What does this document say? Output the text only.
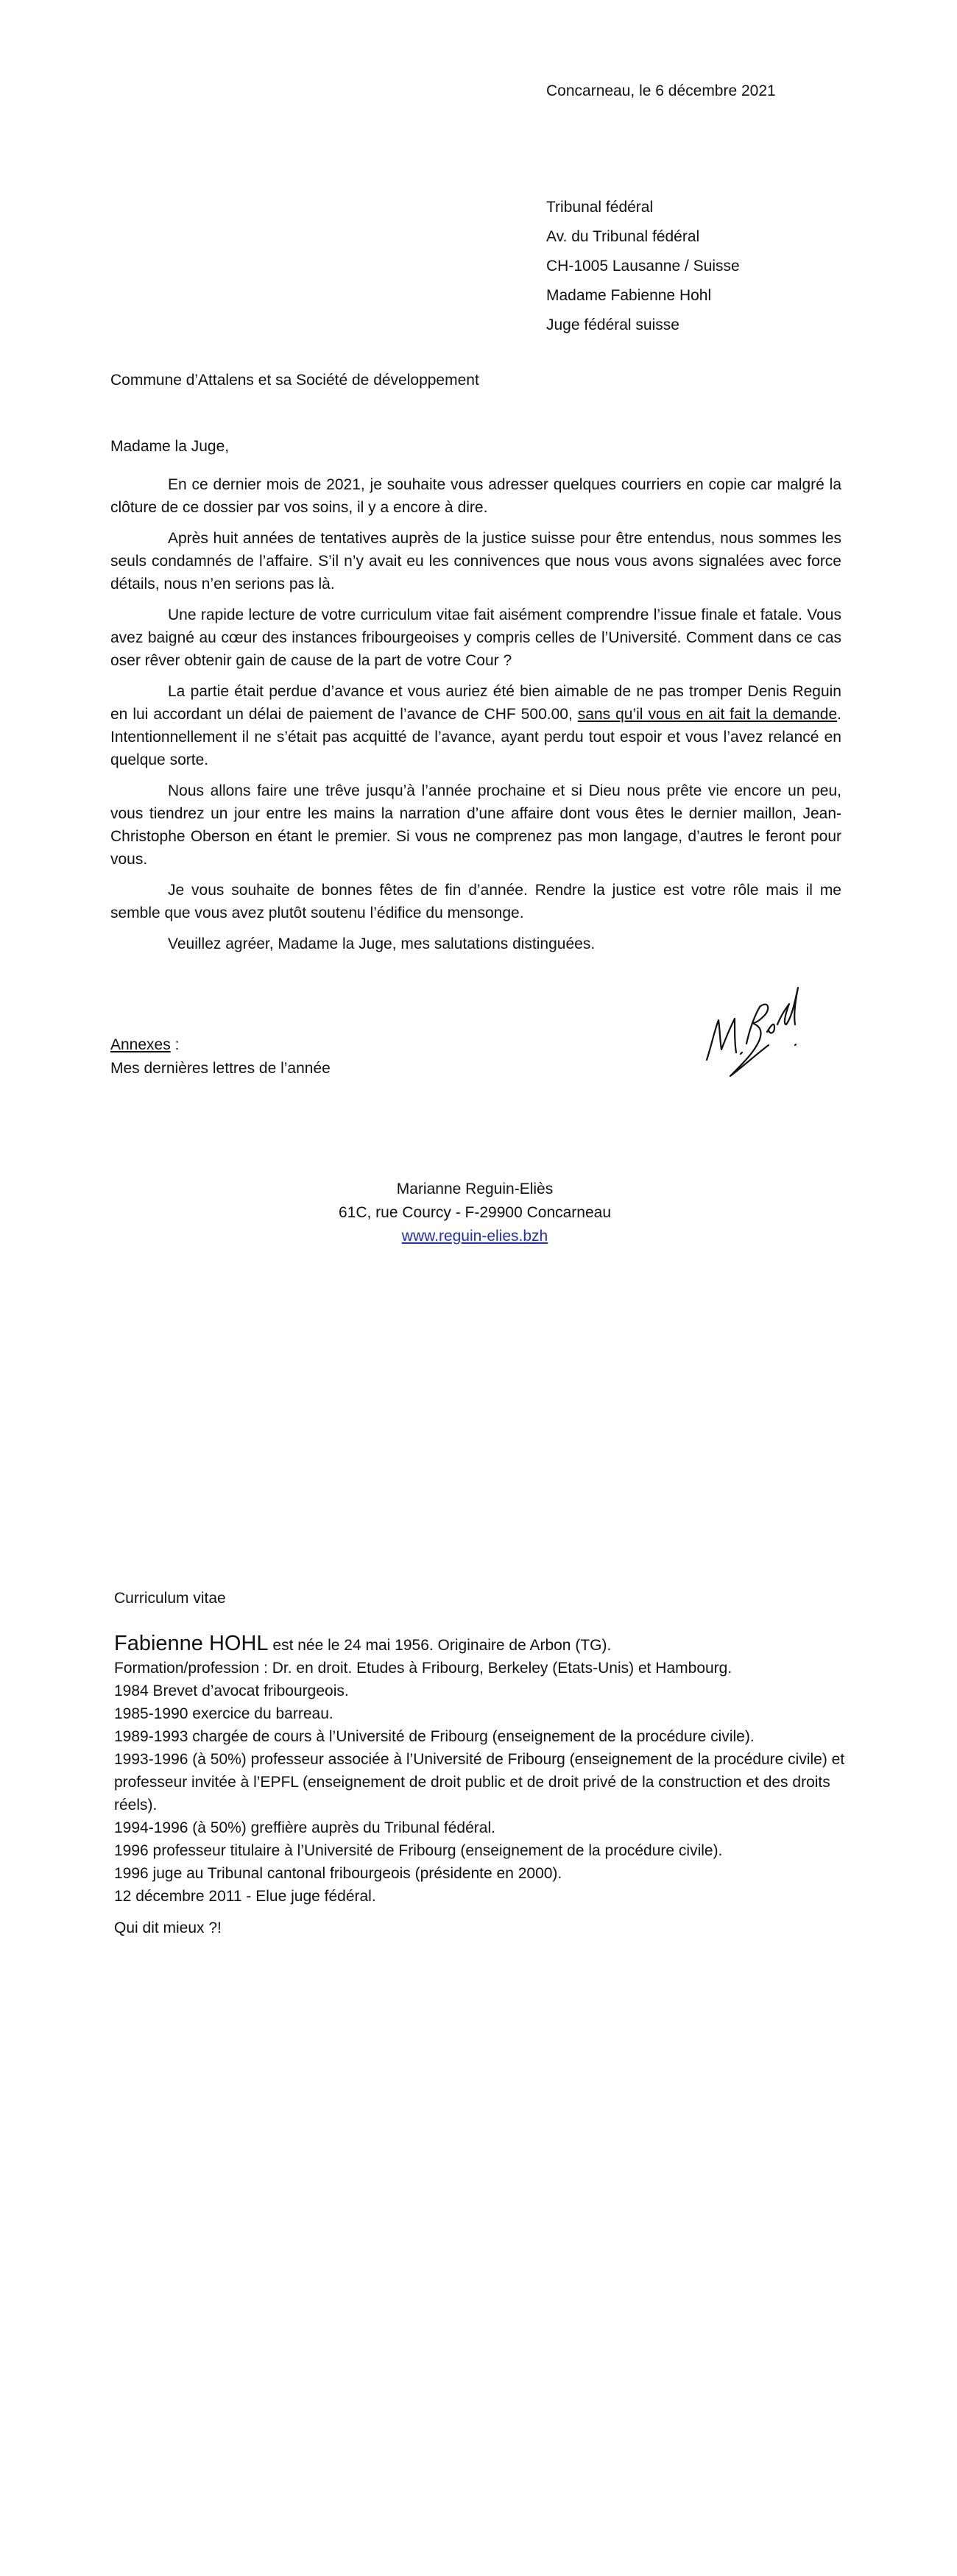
Concarneau, le 6 décembre 2021
Tribunal fédéral
Av. du Tribunal fédéral
CH-1005 Lausanne / Suisse
Madame Fabienne Hohl
Juge fédéral suisse
Commune d’Attalens et sa Société de développement

Madame la Juge,

En ce dernier mois de 2021, je souhaite vous adresser quelques courriers en copie car malgré la clôture de ce dossier par vos soins, il y a encore à dire.

Après huit années de tentatives auprès de la justice suisse pour être entendus, nous sommes les seuls condamnés de l’affaire. S’il n’y avait eu les connivences que nous vous avons signalées avec force détails, nous n’en serions pas là.

Une rapide lecture de votre curriculum vitae fait aisément comprendre l’issue finale et fatale. Vous avez baigné au cœur des instances fribourgeoises y compris celles de l’Université. Comment dans ce cas oser rêver obtenir gain de cause de la part de votre Cour ?

La partie était perdue d’avance et vous auriez été bien aimable de ne pas tromper Denis Reguin en lui accordant un délai de paiement de l’avance de CHF 500.00, sans qu’il vous en ait fait la demande. Intentionnellement il ne s’était pas acquitté de l’avance, ayant perdu tout espoir et vous l’avez relancé en quelque sorte.

Nous allons faire une trêve jusqu’à l’année prochaine et si Dieu nous prête vie encore un peu, vous tiendrez un jour entre les mains la narration d’une affaire dont vous êtes le dernier maillon, Jean-Christophe Oberson en étant le premier. Si vous ne comprenez pas mon langage, d’autres le feront pour vous.

Je vous souhaite de bonnes fêtes de fin d’année. Rendre la justice est votre rôle mais il me semble que vous avez plutôt soutenu l’édifice du mensonge.

Veuillez agréer, Madame la Juge, mes salutations distinguées.

Annexes :
Mes dernières lettres de l’année
Marianne Reguin-Eliès
61C, rue Courcy - F-29900 Concarneau
www.reguin-elies.bzh
Curriculum vitae

Fabienne HOHL est née le 24 mai 1956. Originaire de Arbon (TG).

Formation/profession : Dr. en droit. Etudes à Fribourg, Berkeley (Etats-Unis) et Hambourg.

1984 Brevet d’avocat fribourgeois.

1985-1990 exercice du barreau.

1989-1993 chargée de cours à l’Université de Fribourg (enseignement de la procédure civile).

1993-1996 (à 50%) professeur associée à l’Université de Fribourg (enseignement de la procédure civile) et professeur invitée à l’EPFL (enseignement de droit public et de droit privé de la construction et des droits réels).

1994-1996 (à 50%) greffière auprès du Tribunal fédéral.

1996 professeur titulaire à l’Université de Fribourg (enseignement de la procédure civile).

1996 juge au Tribunal cantonal fribourgeois (présidente en 2000).

12 décembre 2011 - Elue juge fédéral.

Qui dit mieux ?!
